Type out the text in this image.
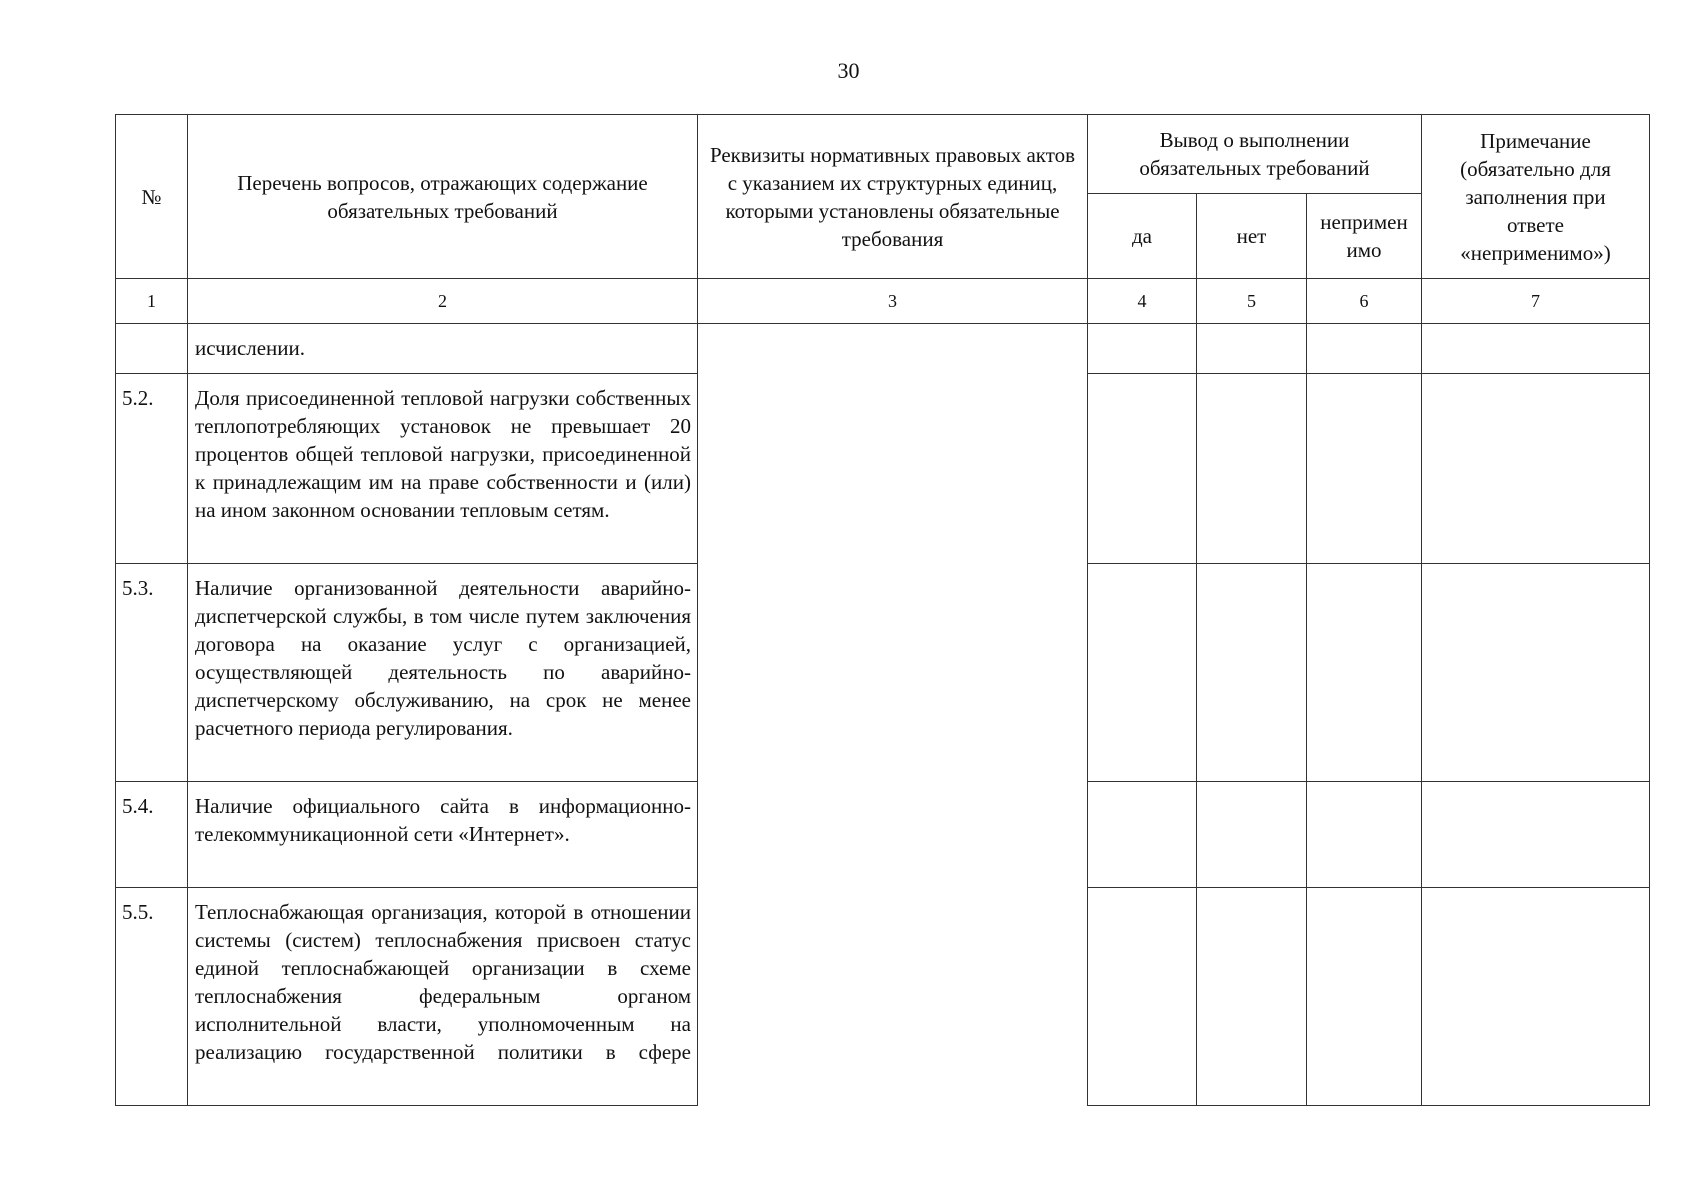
30
№	Перечень вопросов, отражающих содержание обязательных требований	Реквизиты нормативных правовых актов с указанием их структурных единиц, которыми установлены обязательные требования	Вывод о выполнении обязательных требований			Примечание (обязательно для заполнения при ответе «неприменимо»)
			да	нет	непримен
имо	
1	2	3	4	5	6	7
	исчислении.					
5.2.	Доля присоединенной тепловой нагрузки собственных теплопотребляющих установок не превышает 20 процентов общей тепловой нагрузки, присоединенной к принадлежащим им на праве собственности и (или) на ином законном основании тепловым сетям.					
5.3.	Наличие организованной деятельности аварийно-диспетчерской службы, в том числе путем заключения договора на оказание услуг с организацией, осуществляющей деятельность по аварийно-диспетчерскому обслуживанию, на срок не менее расчетного периода регулирования.					
5.4.	Наличие официального сайта в информационно-телекоммуникационной сети «Интернет».					
5.5.	Теплоснабжающая организация, которой в отношении системы (систем) теплоснабжения присвоен статус единой теплоснабжающей организации в схеме теплоснабжения федеральным органом исполнительной власти, уполномоченным на реализацию государственной политики в сфере					
